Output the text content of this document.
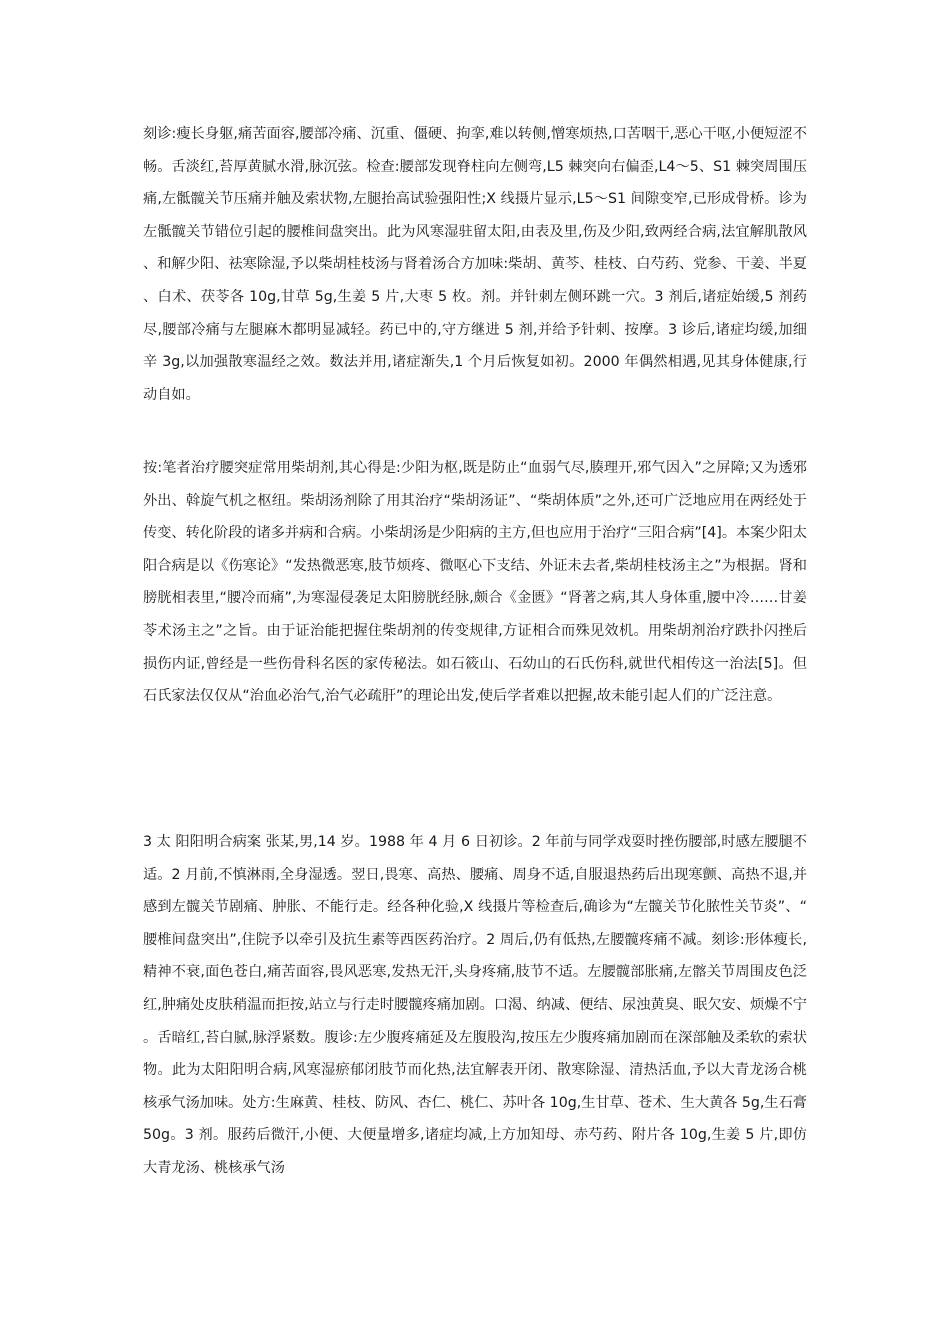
刻诊:瘦长身躯,痛苦面容,腰部冷痛、沉重、僵硬、拘挛,难以转侧,憎寒烦热,口苦咽干,恶心干呕,小便短涩不畅。舌淡红,苔厚黄腻水滑,脉沉弦。检查:腰部发现脊柱向左侧弯,L5 棘突向右偏歪,L4～5、S1 棘突周围压痛,左骶髋关节压痛并触及索状物,左腿抬高试验强阳性;X 线摄片显示,L5～S1 间隙变窄,已形成骨桥。诊为左骶髋关节错位引起的腰椎间盘突出。此为风寒湿驻留太阳,由表及里,伤及少阳,致两经合病,法宜解肌散风、和解少阳、祛寒除湿,予以柴胡桂枝汤与肾着汤合方加味:柴胡、黄芩、桂枝、白芍药、党参、干姜、半夏、白术、茯苓各 10g,甘草 5g,生姜 5 片,大枣 5 枚。剂。并针刺左侧环跳一穴。3 剂后,诸症始缓,5 剂药尽,腰部冷痛与左腿麻木都明显减轻。药已中的,守方继进 5 剂,并给予针刺、按摩。3 诊后,诸症均缓,加细辛 3g,以加强散寒温经之效。数法并用,诸症渐失,1 个月后恢复如初。2000 年偶然相遇,见其身体健康,行动自如。

按:笔者治疗腰突症常用柴胡剂,其心得是:少阳为枢,既是防止“血弱气尽,腠理开,邪气因入”之屏障;又为透邪外出、斡旋气机之枢纽。柴胡汤剂除了用其治疗“柴胡汤证”、“柴胡体质”之外,还可广泛地应用在两经处于传变、转化阶段的诸多并病和合病。小柴胡汤是少阳病的主方,但也应用于治疗“三阳合病”[4]。本案少阳太阳合病是以《伤寒论》“发热微恶寒,肢节烦疼、微呕心下支结、外证未去者,柴胡桂枝汤主之”为根据。肾和膀胱相表里,“腰冷而痛”,为寒湿侵袭足太阳膀胱经脉,颇合《金匮》“肾著之病,其人身体重,腰中冷……甘姜苓术汤主之”之旨。由于证治能把握住柴胡剂的传变规律,方证相合而殊见效机。用柴胡剂治疗跌扑闪挫后损伤内证,曾经是一些伤骨科名医的家传秘法。如石筱山、石幼山的石氏伤科,就世代相传这一治法[5]。但石氏家法仅仅从“治血必治气,治气必疏肝”的理论出发,使后学者难以把握,故未能引起人们的广泛注意。

3 太 阳阳明合病案 张某,男,14 岁。1988 年 4 月 6 日初诊。2 年前与同学戏耍时挫伤腰部,时感左腰腿不适。2 月前,不慎淋雨,全身湿透。翌日,畏寒、高热、腰痛、周身不适,自服退热药后出现寒颤、高热不退,并感到左髋关节剧痛、肿胀、不能行走。经各种化验,X 线摄片等检查后,确诊为“左髋关节化脓性关节炎”、“腰椎间盘突出”,住院予以牵引及抗生素等西医药治疗。2 周后,仍有低热,左腰髋疼痛不减。刻诊:形体瘦长,精神不衰,面色苍白,痛苦面容,畏风恶寒,发热无汗,头身疼痛,肢节不适。左腰髋部胀痛,左髂关节周围皮色泛红,肿痛处皮肤稍温而拒按,站立与行走时腰髋疼痛加剧。口渴、纳减、便结、尿浊黄臭、眠欠安、烦燥不宁。舌暗红,苔白腻,脉浮紧数。腹诊:左少腹疼痛延及左腹股沟,按压左少腹疼痛加剧而在深部触及柔软的索状物。此为太阳阳明合病,风寒湿瘀郁闭肢节而化热,法宜解表开闭、散寒除湿、清热活血,予以大青龙汤合桃核承气汤加味。处方:生麻黄、桂枝、防风、杏仁、桃仁、苏叶各 10g,生甘草、苍术、生大黄各 5g,生石膏 50g。3 剂。服药后微汗,小便、大便量增多,诸症均减,上方加知母、赤芍药、附片各 10g,生姜 5 片,即仿大青龙汤、桃核承气汤
